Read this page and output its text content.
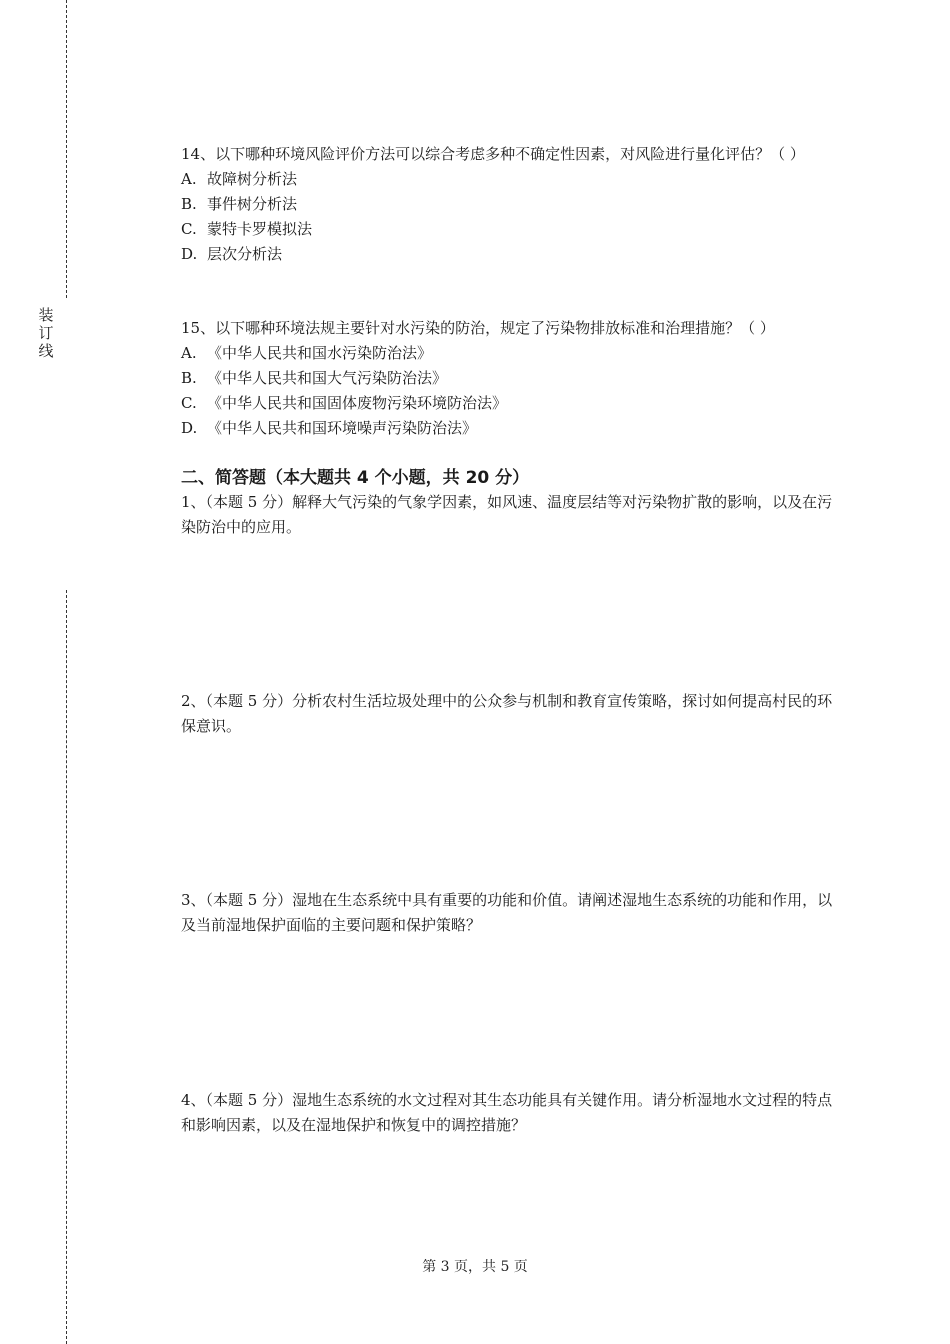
装
订
线

14、以下哪种环境风险评价方法可以综合考虑多种不确定性因素，对风险进行量化评估？（ ）

A. 故障树分析法

B. 事件树分析法

C. 蒙特卡罗模拟法

D. 层次分析法

15、以下哪种环境法规主要针对水污染的防治，规定了污染物排放标准和治理措施？（ ）

A. 《中华人民共和国水污染防治法》

B. 《中华人民共和国大气污染防治法》

C. 《中华人民共和国固体废物污染环境防治法》

D. 《中华人民共和国环境噪声污染防治法》

二、简答题（本大题共 4 个小题，共 20 分）

1、（本题 5 分）解释大气污染的气象学因素，如风速、温度层结等对污染物扩散的影响，以及在污染防治中的应用。

2、（本题 5 分）分析农村生活垃圾处理中的公众参与机制和教育宣传策略，探讨如何提高村民的环保意识。

3、（本题 5 分）湿地在生态系统中具有重要的功能和价值。请阐述湿地生态系统的功能和作用，以及当前湿地保护面临的主要问题和保护策略？

4、（本题 5 分）湿地生态系统的水文过程对其生态功能具有关键作用。请分析湿地水文过程的特点和影响因素，以及在湿地保护和恢复中的调控措施？

第 3 页，共 5 页
